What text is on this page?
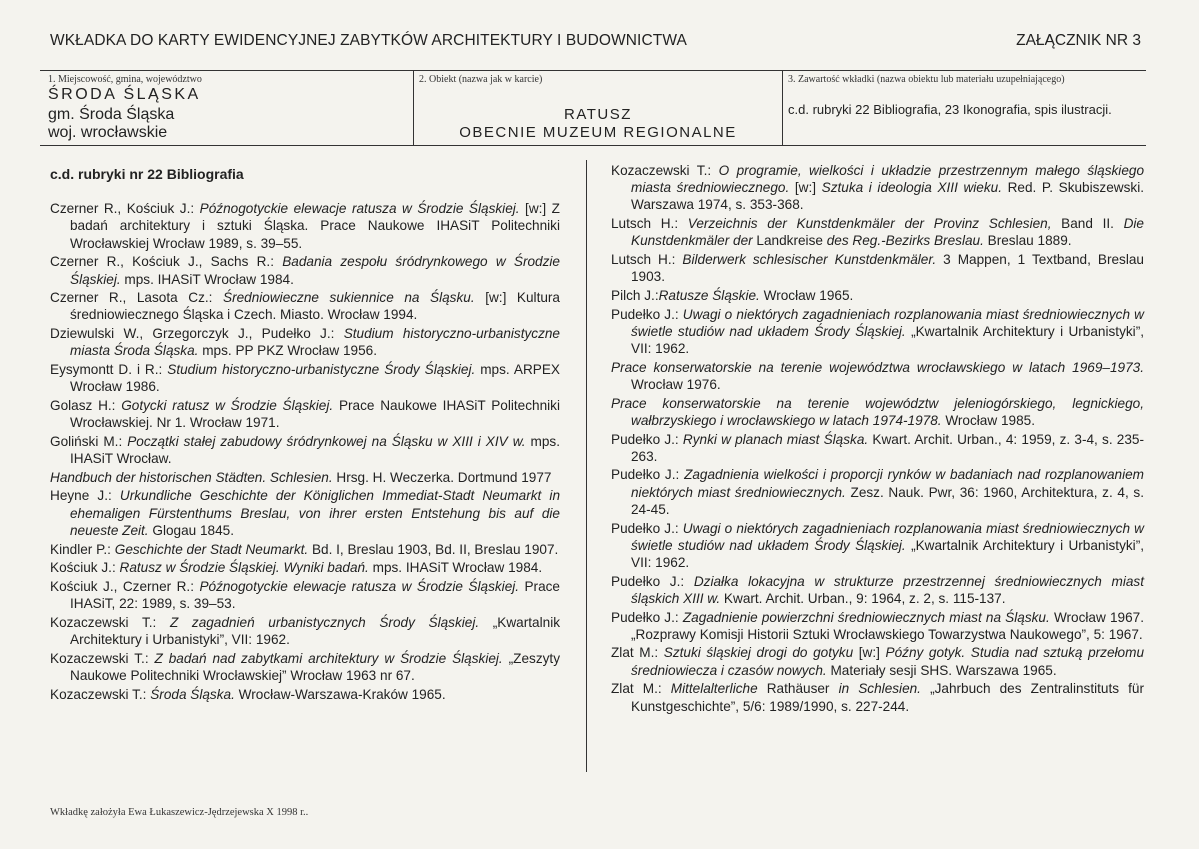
WKŁADKA DO KARTY EWIDENCYJNEJ ZABYTKÓW ARCHITEKTURY I BUDOWNICTWA	ZAŁĄCZNIK NR 3
1. Miejscowość, gmina, województwo
ŚRODA ŚLĄSKA
gm. Środa Śląska
woj. wrocławskie
2. Obiekt (nazwa jak w karcie)
RATUSZ
OBECNIE MUZEUM REGIONALNE
3. Zawartość wkładki (nazwa obiektu lub materiału uzupełniającego)
c.d. rubryki 22 Bibliografia, 23 Ikonografia, spis ilustracji.
c.d. rubryki nr 22 Bibliografia
Czerner R., Kościuk J.: Późnogotyckie elewacje ratusza w Środzie Śląskiej. [w:] Z badań architektury i sztuki Śląska. Prace Naukowe IHASiT Politechniki Wrocławskiej Wrocław 1989, s. 39–55.
Czerner R., Kościuk J., Sachs R.: Badania zespołu śródrynkowego w Środzie Śląskiej. mps. IHASiT Wrocław 1984.
Czerner R., Lasota Cz.: Średniowieczne sukiennice na Śląsku. [w:] Kultura średniowiecznego Śląska i Czech. Miasto. Wrocław 1994.
Dziewulski W., Grzegorczyk J., Pudełko J.: Studium historyczno-urbanistyczne miasta Środa Śląska. mps. PP PKZ Wrocław 1956.
Eysymontt D. i R.: Studium historyczno-urbanistyczne Środy Śląskiej. mps. ARPEX Wrocław 1986.
Golasz H.: Gotycki ratusz w Środzie Śląskiej. Prace Naukowe IHASiT Politechniki Wrocławskiej. Nr 1. Wrocław 1971.
Goliński M.: Początki stałej zabudowy śródrynkowej na Śląsku w XIII i XIV w. mps. IHASiT Wrocław.
Handbuch der historischen Städten. Schlesien. Hrsg. H. Weczerka. Dortmund 1977
Heyne J.: Urkundliche Geschichte der Königlichen Immediat-Stadt Neumarkt in ehemaligen Fürstenthums Breslau, von ihrer ersten Entstehung bis auf die neueste Zeit. Glogau 1845.
Kindler P.: Geschichte der Stadt Neumarkt. Bd. I, Breslau 1903, Bd. II, Breslau 1907.
Kościuk J.: Ratusz w Środzie Śląskiej. Wyniki badań. mps. IHASiT Wrocław 1984.
Kościuk J., Czerner R.: Późnogotyckie elewacje ratusza w Środzie Śląskiej. Prace IHASiT, 22: 1989, s. 39–53.
Kozaczewski T.: Z zagadnień urbanistycznych Środy Śląskiej. „Kwartalnik Architektury i Urbanistyki”, VII: 1962.
Kozaczewski T.: Z badań nad zabytkami architektury w Środzie Śląskiej. „Zeszyty Naukowe Politechniki Wrocławskiej” Wrocław 1963 nr 67.
Kozaczewski T.: Środa Śląska. Wrocław-Warszawa-Kraków 1965.
Kozaczewski T.: O programie, wielkości i układzie przestrzennym małego śląskiego miasta średniowiecznego. [w:] Sztuka i ideologia XIII wieku. Red. P. Skubiszewski. Warszawa 1974, s. 353-368.
Lutsch H.: Verzeichnis der Kunstdenkmäler der Provinz Schlesien, Band II. Die Kunstdenkmäler der Landkreise des Reg.-Bezirks Breslau. Breslau 1889.
Lutsch H.: Bilderwerk schlesischer Kunstdenkmäler. 3 Mappen, 1 Textband, Breslau 1903.
Pilch J.:Ratusze Śląskie. Wrocław 1965.
Pudełko J.: Uwagi o niektórych zagadnieniach rozplanowania miast średniowiecznych w świetle studiów nad układem Środy Śląskiej. „Kwartalnik Architektury i Urbanistyki”, VII: 1962.
Prace konserwatorskie na terenie województwa wrocławskiego w latach 1969–1973. Wrocław 1976.
Prace konserwatorskie na terenie województw jeleniogórskiego, legnickiego, wałbrzyskiego i wrocławskiego w latach 1974-1978. Wrocław 1985.
Pudełko J.: Rynki w planach miast Śląska. Kwart. Archit. Urban., 4: 1959, z. 3-4, s. 235-263.
Pudełko J.: Zagadnienia wielkości i proporcji rynków w badaniach nad rozplanowaniem niektórych miast średniowiecznych. Zesz. Nauk. Pwr, 36: 1960, Architektura, z. 4, s. 24-45.
Pudełko J.: Uwagi o niektórych zagadnieniach rozplanowania miast średniowiecznych w świetle studiów nad układem Środy Śląskiej. „Kwartalnik Architektury i Urbanistyki”, VII: 1962.
Pudełko J.: Działka lokacyjna w strukturze przestrzennej średniowiecznych miast śląskich XIII w. Kwart. Archit. Urban., 9: 1964, z. 2, s. 115-137.
Pudełko J.: Zagadnienie powierzchni średniowiecznych miast na Śląsku. Wrocław 1967. „Rozprawy Komisji Historii Sztuki Wrocławskiego Towarzystwa Naukowego”, 5: 1967.
Zlat M.: Sztuki śląskiej drogi do gotyku [w:] Późny gotyk. Studia nad sztuką przełomu średniowiecza i czasów nowych. Materiały sesji SHS. Warszawa 1965.
Zlat M.: Mittelalterliche Rathäuser in Schlesien. „Jahrbuch des Zentralinstituts für Kunstgeschichte”, 5/6: 1989/1990, s. 227-244.
Wkładkę założyła Ewa Łukaszewicz-Jędrzejewska X 1998 r..
